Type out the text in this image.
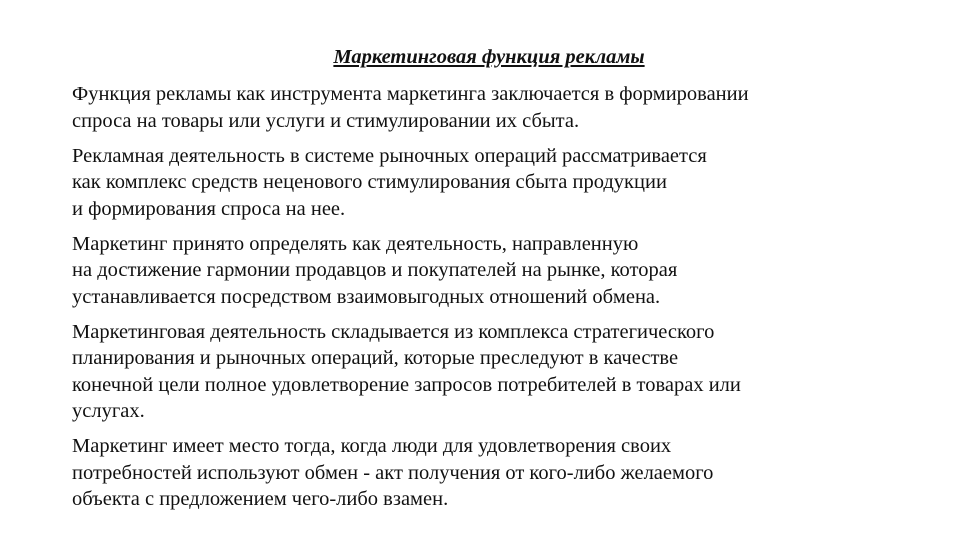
Маркетинговая функция рекламы

Функция рекламы как инструмента маркетинга заключается в формировании
спроса на товары или услуги и стимулировании их сбыта.

Рекламная деятельность в системе рыночных операций рассматривается
как комплекс средств неценового стимулирования сбыта продукции
и формирования спроса на нее.

Маркетинг принято определять как деятельность, направленную
на достижение гармонии продавцов и покупателей на рынке, которая
устанавливается посредством взаимовыгодных отношений обмена.

Маркетинговая деятельность складывается из комплекса стратегического
планирования и рыночных операций, которые преследуют в качестве
конечной цели полное удовлетворение запросов потребителей в товарах или
услугах.

Маркетинг имеет место тогда, когда люди для удовлетворения своих
потребностей используют обмен - акт получения от кого-либо желаемого
объекта с предложением чего-либо взамен.
